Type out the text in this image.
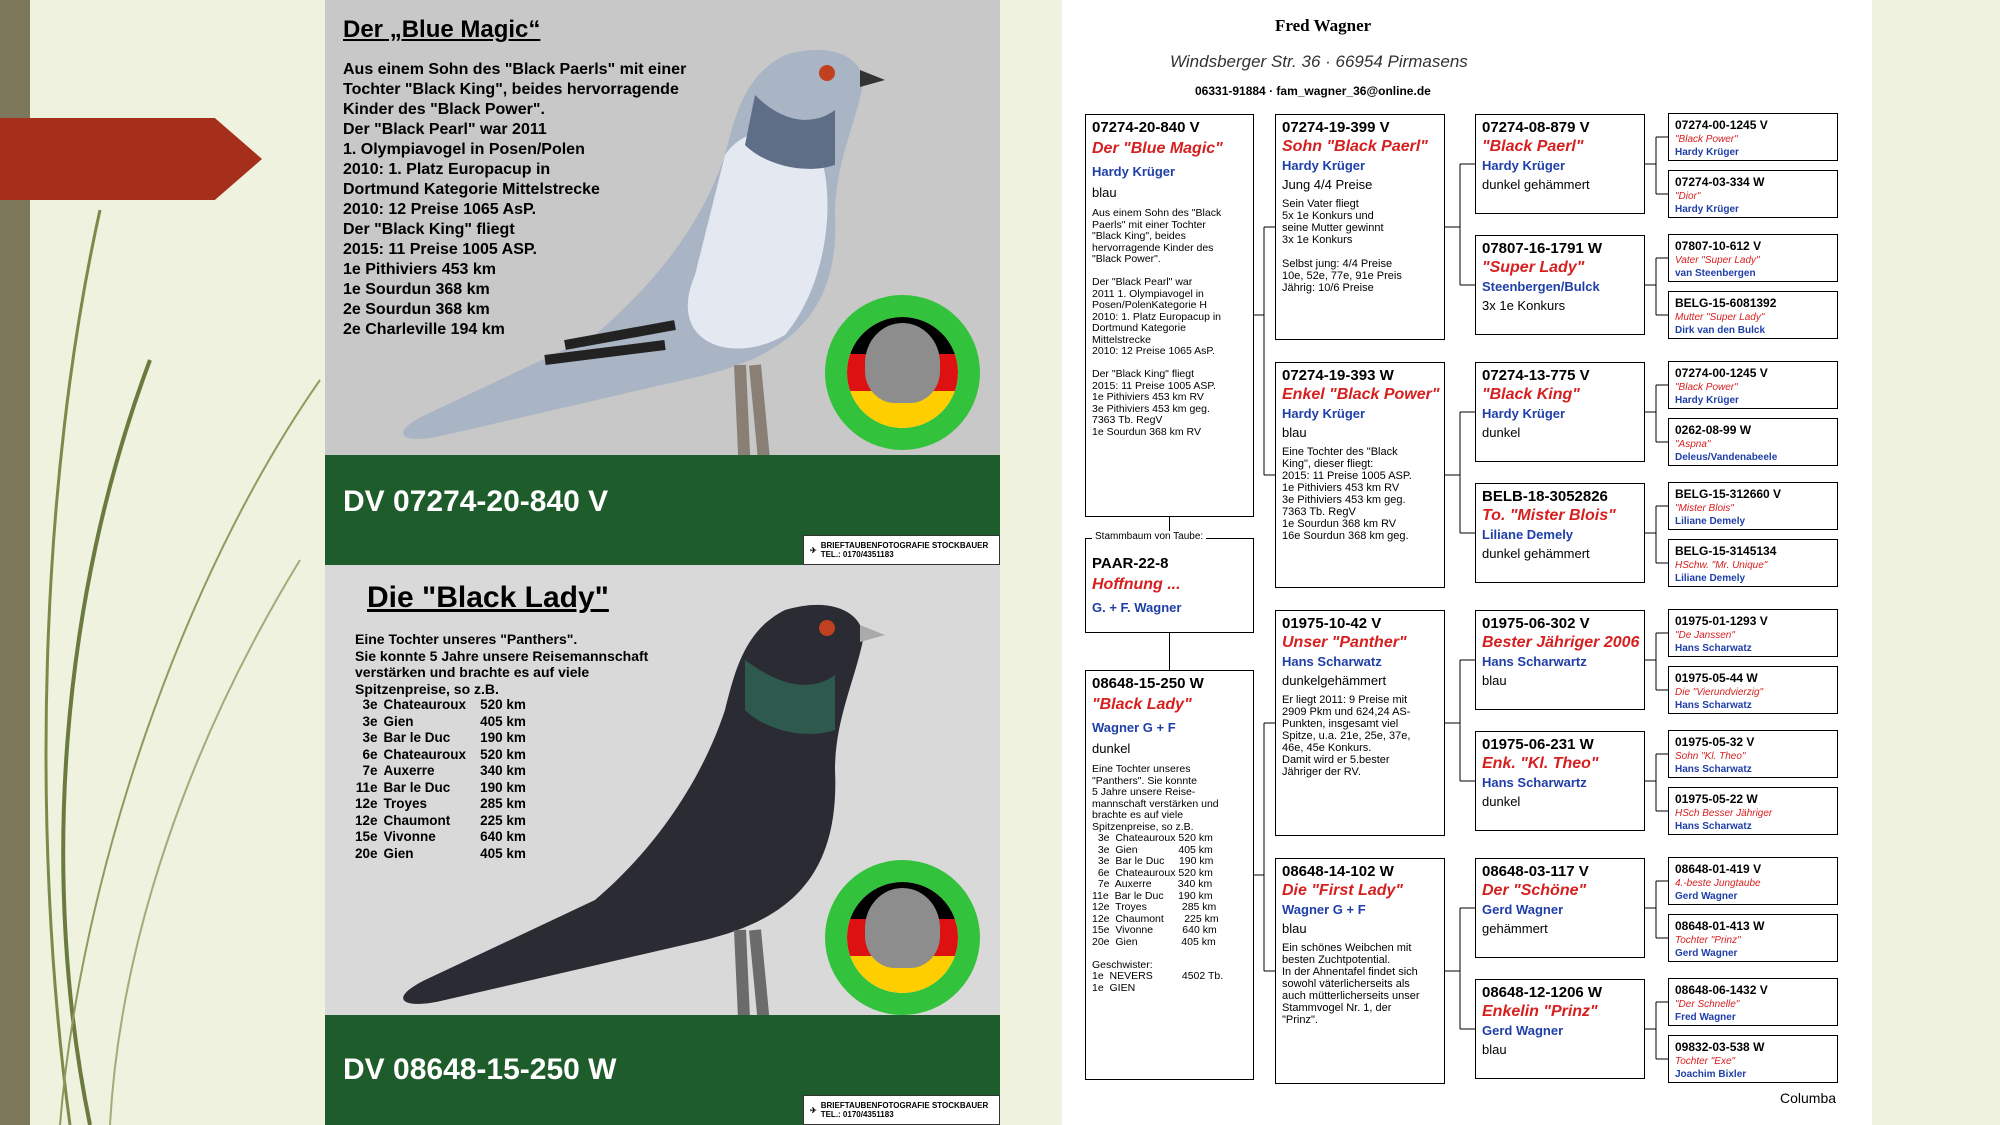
Der „Blue Magic“
Aus einem Sohn des "Black Paerls" mit einer
Tochter "Black King", beides hervorragende
Kinder des "Black Power".
Der "Black Pearl" war 2011
1. Olympiavogel in Posen/Polen
2010: 1. Platz Europacup in
Dortmund Kategorie Mittelstrecke
2010: 12 Preise 1065 AsP.
Der "Black King" fliegt
2015: 11 Preise 1005 ASP.
1e Pithiviers 453 km
1e Sourdun 368 km
2e Sourdun 368 km
2e Charleville 194 km
DV 07274-20-840 V
✈ BRIEFTAUBENFOTOGRAFIE STOCKBAUER
TEL.: 0170/4351183
Die "Black Lady"
Eine Tochter unseres "Panthers".
Sie konnte 5 Jahre unsere Reisemannschaft
verstärken und brachte es auf viele
Spitzenpreise, so z.B.
3e	Chateauroux	520 km
3e	Gien	405 km
3e	Bar le Duc	190 km
6e	Chateauroux	520 km
7e	Auxerre	340 km
11e	Bar le Duc	190 km
12e	Troyes	285 km
12e	Chaumont	225 km
15e	Vivonne	640 km
20e	Gien	405 km
DV 08648-15-250 W
✈ BRIEFTAUBENFOTOGRAFIE STOCKBAUER
TEL.: 0170/4351183
Fred Wagner
Windsberger Str. 36 · 66954 Pirmasens
06331-91884 · fam_wagner_36@online.de
07274-20-840 V
Der "Blue Magic"
Hardy Krüger
blau
Aus einem Sohn des "Black
Paerls" mit einer Tochter
"Black King", beides
hervorragende Kinder des
"Black Power".

Der "Black Pearl" war
2011 1. Olympiavogel in
Posen/PolenKategorie H
2010: 1. Platz Europacup in
Dortmund Kategorie
Mittelstrecke
2010: 12 Preise 1065 AsP.

Der "Black King" fliegt
2015: 11 Preise 1005 ASP.
1e Pithiviers 453 km RV
3e Pithiviers 453 km geg.
7363 Tb. RegV
1e Sourdun 368 km RV
Stammbaum von Taube:
PAAR-22-8
Hoffnung ...
G. + F. Wagner
08648-15-250 W
"Black Lady"
Wagner G + F
dunkel
Eine Tochter unseres
"Panthers". Sie konnte
5 Jahre unsere Reise-
mannschaft verstärken und
brachte es auf viele
Spitzenpreise, so z.B.
3e  Chateauroux 520 km
3e  Gien              405 km
3e  Bar le Duc     190 km
6e  Chateauroux 520 km
7e  Auxerre         340 km
11e  Bar le Duc     190 km
12e  Troyes            285 km
12e  Chaumont       225 km
15e  Vivonne          640 km
20e  Gien               405 km

Geschwister:
1e  NEVERS          4502 Tb.
1e  GIEN
07274-19-399 V
Sohn "Black Paerl"
Hardy Krüger
Jung 4/4 Preise
Sein Vater fliegt
5x 1e Konkurs und
seine Mutter gewinnt
3x 1e Konkurs

Selbst jung: 4/4 Preise
10e, 52e, 77e, 91e Preis
Jährig: 10/6 Preise
07274-19-393 W
Enkel "Black Power"
Hardy Krüger
blau
Eine Tochter des "Black
King", dieser fliegt:
2015: 11 Preise 1005 ASP.
1e Pithiviers 453 km RV
3e Pithiviers 453 km geg.
7363 Tb. RegV
1e Sourdun 368 km RV
16e Sourdun 368 km geg.
01975-10-42 V
Unser "Panther"
Hans Scharwatz
dunkelgehämmert
Er liegt 2011: 9 Preise mit
2909 Pkm und 624,24 AS-
Punkten, insgesamt viel
Spitze, u.a. 21e, 25e, 37e,
46e, 45e Konkurs.
Damit wird er 5.bester
Jähriger der RV.
08648-14-102 W
Die "First Lady"
Wagner G + F
blau
Ein schönes Weibchen mit
besten Zuchtpotential.
In der Ahnentafel findet sich
sowohl väterlicherseits als
auch mütterlicherseits unser
Stammvogel Nr. 1, der
"Prinz".
07274-08-879 V
"Black Paerl"
Hardy Krüger
dunkel gehämmert
07807-16-1791 W
"Super Lady"
Steenbergen/Bulck
3x 1e Konkurs
07274-13-775 V
"Black King"
Hardy Krüger
dunkel
BELB-18-3052826
To. "Mister Blois"
Liliane Demely
dunkel gehämmert
01975-06-302 V
Bester Jähriger 2006
Hans Scharwartz
blau
01975-06-231 W
Enk. "Kl. Theo"
Hans Scharwartz
dunkel
08648-03-117 V
Der "Schöne"
Gerd Wagner
gehämmert
08648-12-1206 W
Enkelin "Prinz"
Gerd Wagner
blau
07274-00-1245 V
"Black Power"
Hardy Krüger
07274-03-334 W
"Dior"
Hardy Krüger
07807-10-612 V
Vater "Super Lady"
van Steenbergen
BELG-15-6081392
Mutter "Super Lady"
Dirk van den Bulck
07274-00-1245 V
"Black Power"
Hardy Krüger
0262-08-99 W
"Aspna"
Deleus/Vandenabeele
BELG-15-312660 V
"Mister Blois"
Liliane Demely
BELG-15-3145134
HSchw. "Mr. Unique"
Liliane Demely
01975-01-1293 V
"De Janssen"
Hans Scharwatz
01975-05-44 W
Die "Vierundvierzig"
Hans Scharwatz
01975-05-32 V
Sohn "Kl. Theo"
Hans Scharwatz
01975-05-22 W
HSch Besser Jähriger
Hans Scharwatz
08648-01-419 V
4.-beste Jungtaube
Gerd Wagner
08648-01-413 W
Tochter "Prinz"
Gerd Wagner
08648-06-1432 V
"Der Schnelle"
Fred Wagner
09832-03-538 W
Tochter "Exe"
Joachim Bixler
Columba
